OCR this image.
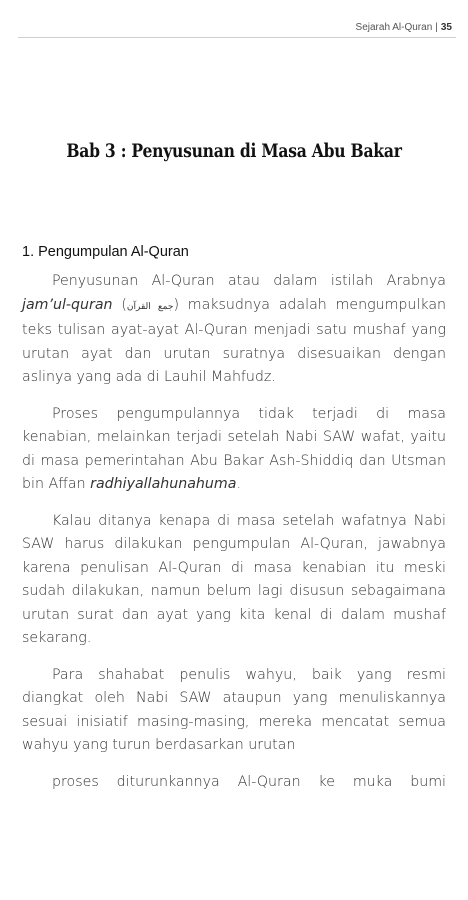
Sejarah Al-Quran | 35
Bab 3 : Penyusunan di Masa Abu Bakar
1. Pengumpulan Al-Quran

Penyusunan Al-Quran atau dalam istilah Arabnya jam’ul-quran (جمع القرآن) maksudnya adalah mengumpulkan teks tulisan ayat-ayat Al-Quran menjadi satu mushaf yang urutan ayat dan urutan suratnya disesuaikan dengan aslinya yang ada di Lauhil Mahfudz.

Proses pengumpulannya tidak terjadi di masa kenabian, melainkan terjadi setelah Nabi SAW wafat, yaitu di masa pemerintahan Abu Bakar Ash-Shiddiq dan Utsman bin Affan radhiyallahunahuma.

Kalau ditanya kenapa di masa setelah wafatnya Nabi SAW harus dilakukan pengumpulan Al-Quran, jawabnya karena penulisan Al-Quran di masa kenabian itu meski sudah dilakukan, namun belum lagi disusun sebagaimana urutan surat dan ayat yang kita kenal di dalam mushaf sekarang.

Para shahabat penulis wahyu, baik yang resmi diangkat oleh Nabi SAW ataupun yang menuliskannya sesuai inisiatif masing-masing, mereka mencatat semua wahyu yang turun berdasarkan urutan

proses diturunkannya Al-Quran ke muka bumi
